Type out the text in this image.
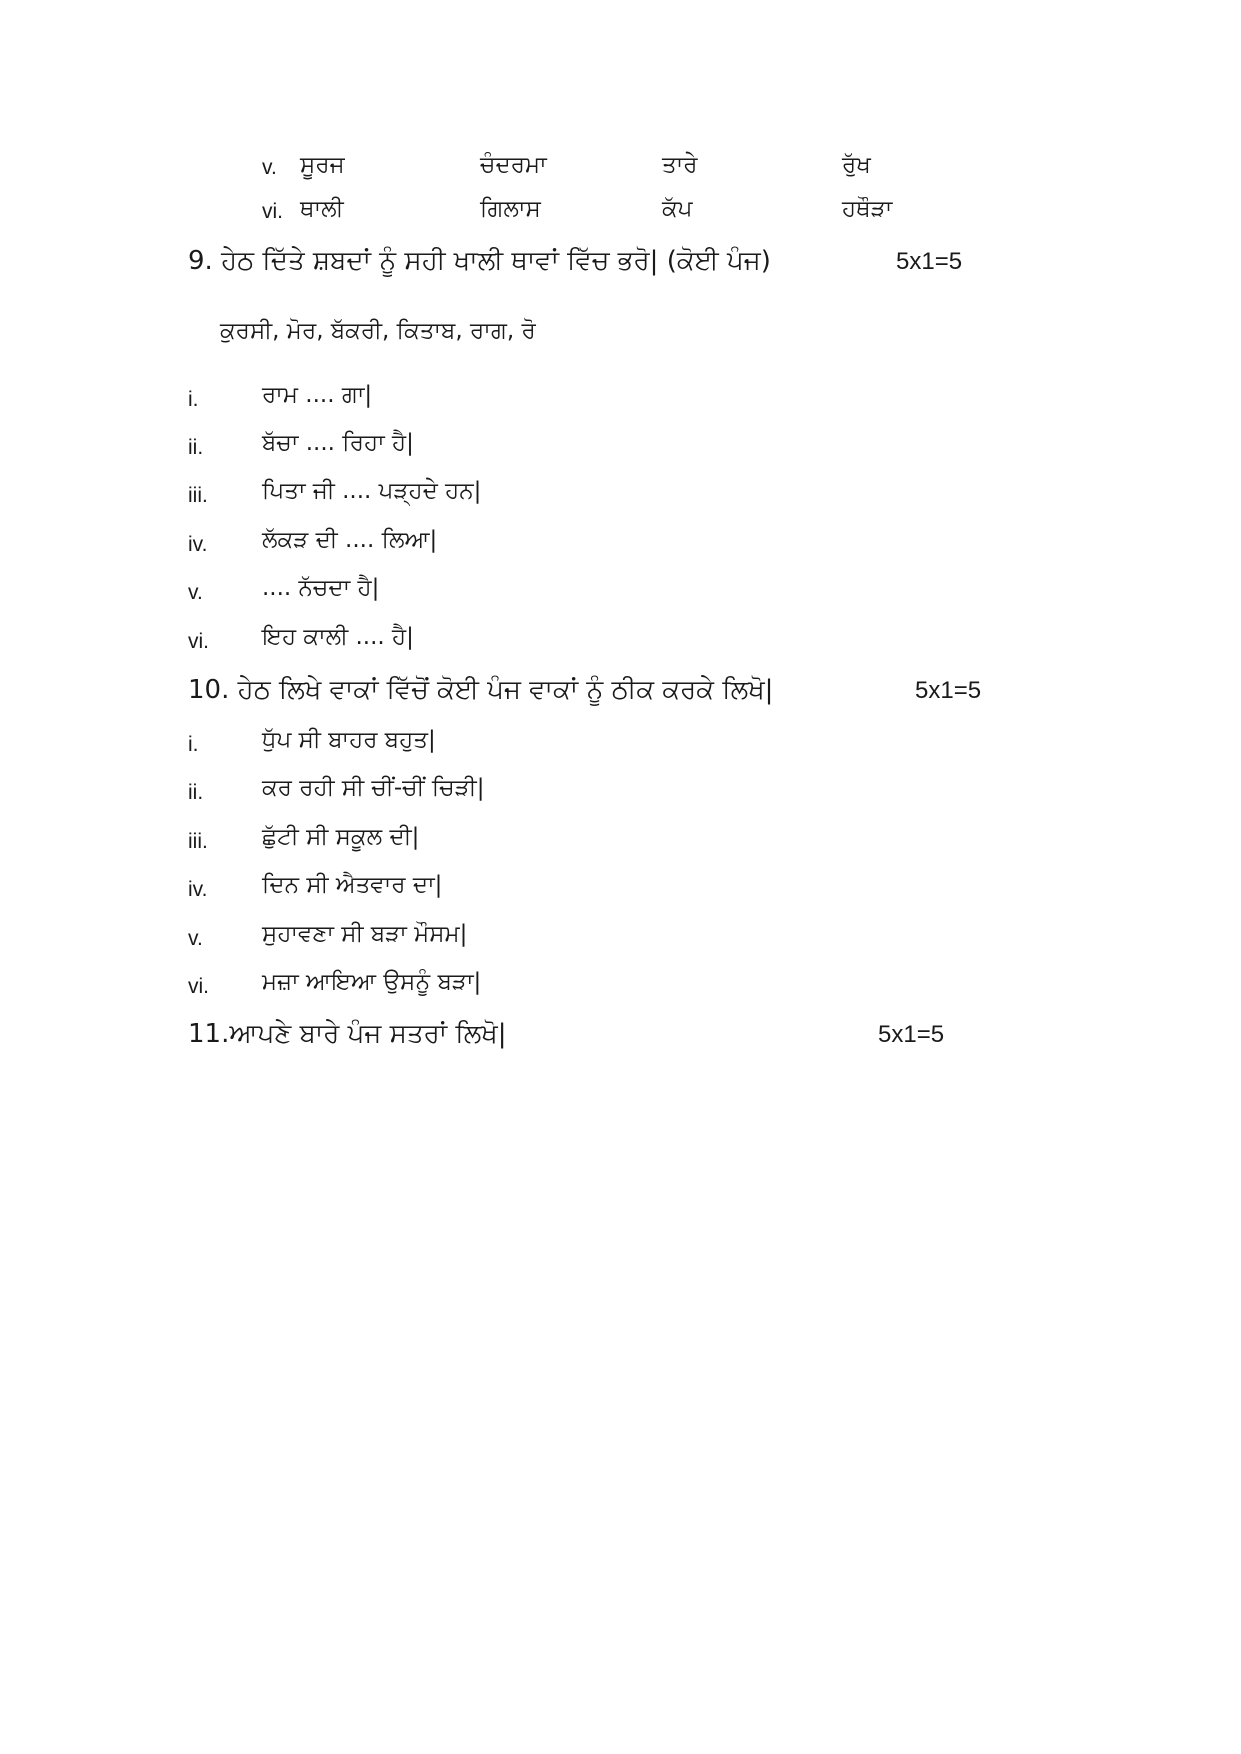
v. ਸੂਰਜ	ਚੰਦਰਮਾ	ਤਾਰੇ	ਰੁੱਖ
vi. ਥਾਲੀ	ਗਿਲਾਸ	ਕੱਪ	ਹਥੌੜਾ
9. ਹੇਠ ਦਿੱਤੇ ਸ਼ਬਦਾਂ ਨੂੰ ਸਹੀ ਖਾਲੀ ਥਾਵਾਂ ਵਿੱਚ ਭਰੋ| (ਕੋਈ ਪੰਜ)	5x1=5
ਕੁਰਸੀ, ਮੋਰ, ਬੱਕਰੀ, ਕਿਤਾਬ, ਰਾਗ, ਰੋ
i.	ਰਾਮ .... ਗਾ|
ii.	ਬੱਚਾ .... ਰਿਹਾ ਹੈ|
iii. ਪਿਤਾ ਜੀ .... ਪੜ੍ਹਦੇ ਹਨ|
iv. ਲੱਕੜ ਦੀ .... ਲਿਆ|
v.	.... ਨੱਚਦਾ ਹੈ|
vi. ਇਹ ਕਾਲੀ .... ਹੈ|
10. ਹੇਠ ਲਿਖੇ ਵਾਕਾਂ ਵਿੱਚੋਂ ਕੋਈ ਪੰਜ ਵਾਕਾਂ ਨੂੰ ਠੀਕ ਕਰਕੇ ਲਿਖੋ|	5x1=5
i.	ਧੁੱਪ ਸੀ ਬਾਹਰ ਬਹੁਤ|
ii.	ਕਰ ਰਹੀ ਸੀ ਚੀਂ-ਚੀਂ ਚਿੜੀ|
iii. ਛੁੱਟੀ ਸੀ ਸਕੂਲ ਦੀ|
iv. ਦਿਨ ਸੀ ਐਤਵਾਰ ਦਾ|
v.	ਸੁਹਾਵਣਾ ਸੀ ਬੜਾ ਮੌਸਮ|
vi. ਮਜ਼ਾ ਆਇਆ ਉਸਨੂੰ ਬੜਾ|
11.ਆਪਣੇ ਬਾਰੇ ਪੰਜ ਸਤਰਾਂ ਲਿਖੋ|	5x1=5
